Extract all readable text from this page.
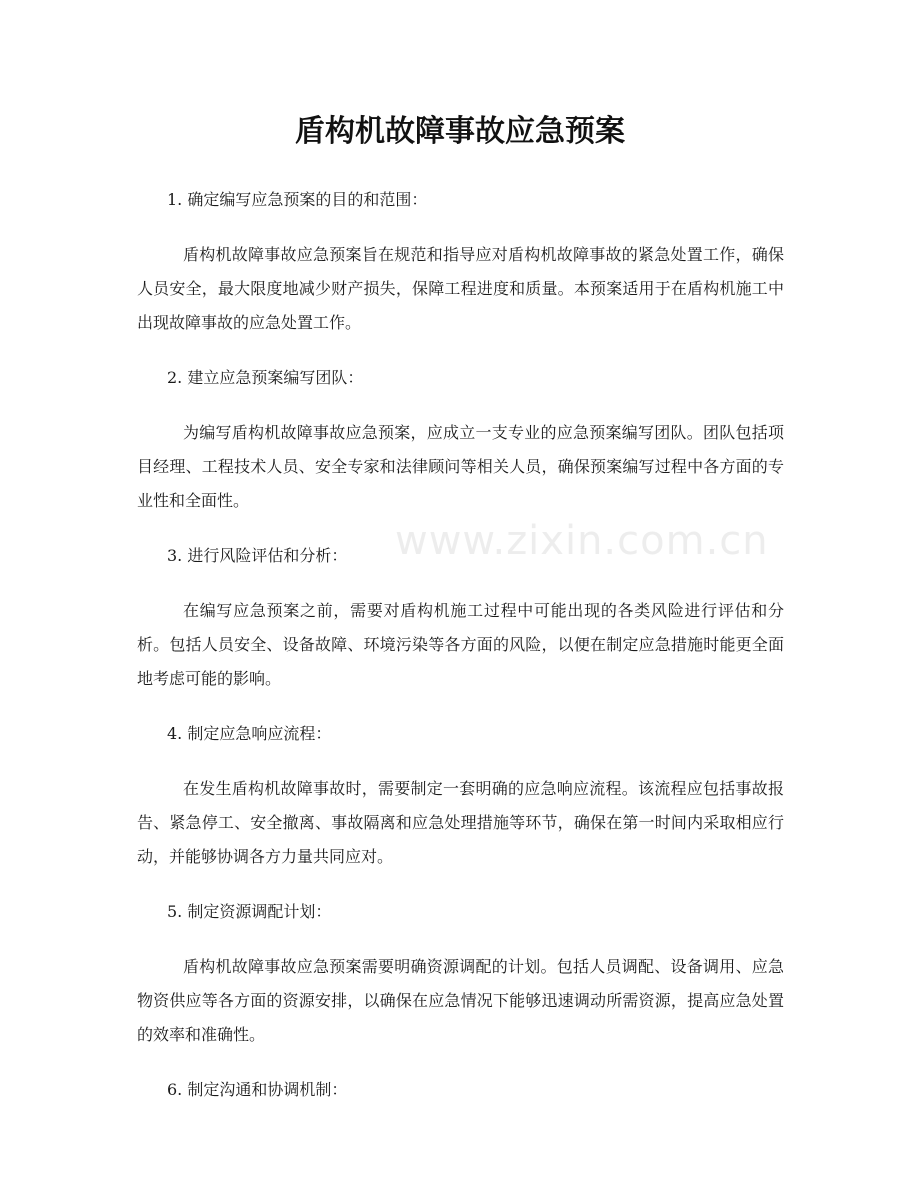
盾构机故障事故应急预案

1. 确定编写应急预案的目的和范围：

盾构机故障事故应急预案旨在规范和指导应对盾构机故障事故的紧急处置工作，确保人员安全，最大限度地减少财产损失，保障工程进度和质量。本预案适用于在盾构机施工中出现故障事故的应急处置工作。

2. 建立应急预案编写团队：

为编写盾构机故障事故应急预案，应成立一支专业的应急预案编写团队。团队包括项目经理、工程技术人员、安全专家和法律顾问等相关人员，确保预案编写过程中各方面的专业性和全面性。

3. 进行风险评估和分析：

在编写应急预案之前，需要对盾构机施工过程中可能出现的各类风险进行评估和分析。包括人员安全、设备故障、环境污染等各方面的风险，以便在制定应急措施时能更全面地考虑可能的影响。

4. 制定应急响应流程：

在发生盾构机故障事故时，需要制定一套明确的应急响应流程。该流程应包括事故报告、紧急停工、安全撤离、事故隔离和应急处理措施等环节，确保在第一时间内采取相应行动，并能够协调各方力量共同应对。

5. 制定资源调配计划：

盾构机故障事故应急预案需要明确资源调配的计划。包括人员调配、设备调用、应急物资供应等各方面的资源安排，以确保在应急情况下能够迅速调动所需资源，提高应急处置的效率和准确性。

6. 制定沟通和协调机制：

www.zixin.com.cn
